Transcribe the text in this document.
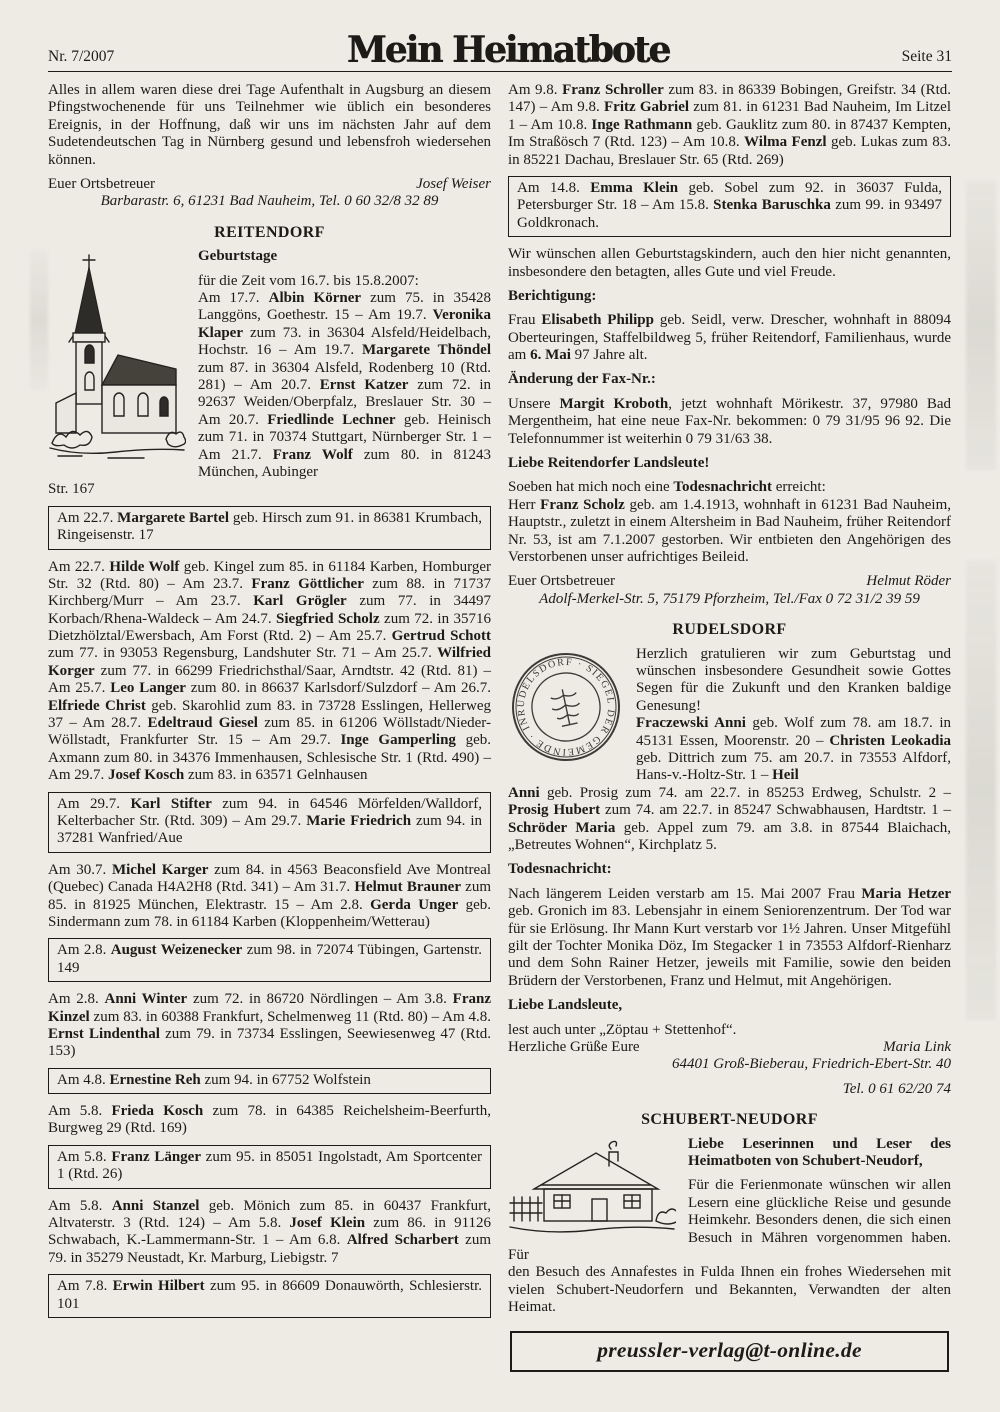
Nr. 7/2007	Mein Heimatbote	Seite 31

Alles in allem waren diese drei Tage Aufenthalt in Augsburg an diesem Pfingstwochenende für uns Teilnehmer wie üblich ein besonderes Ereignis, in der Hoffnung, daß wir uns im nächsten Jahr auf dem Sudetendeutschen Tag in Nürnberg gesund und lebensfroh wiedersehen können.

Euer Ortsbetreuer	Josef Weiser

Barbarastr. 6, 61231 Bad Nauheim, Tel. 0 60 32/8 32 89

REITENDORF

Geburtstage

für die Zeit vom 16.7. bis 15.8.2007:

Am 17.7. Albin Körner zum 75. in 35428 Langgöns, Goethestr. 15 – Am 19.7. Veronika Klaper zum 73. in 36304 Alsfeld/Heidelbach, Hochstr. 16 – Am 19.7. Margarete Thöndel zum 87. in 36304 Alsfeld, Rodenberg 10 (Rtd. 281) – Am 20.7. Ernst Katzer zum 72. in 92637 Weiden/Oberpfalz, Breslauer Str. 30 – Am 20.7. Friedlinde Lechner geb. Heinisch zum 71. in 70374 Stuttgart, Nürnberger Str. 1 – Am 21.7. Franz Wolf zum 80. in 81243 München, Aubinger

Str. 167

Am 22.7. Margarete Bartel geb. Hirsch zum 91. in 86381 Krumbach, Ringeisenstr. 17

Am 22.7. Hilde Wolf geb. Kingel zum 85. in 61184 Karben, Homburger Str. 32 (Rtd. 80) – Am 23.7. Franz Göttlicher zum 88. in 71737 Kirchberg/Murr – Am 23.7. Karl Grögler zum 77. in 34497 Korbach/Rhena-Waldeck – Am 24.7. Siegfried Scholz zum 72. in 35716 Dietzhölztal/Ewersbach, Am Forst (Rtd. 2) – Am 25.7. Gertrud Schott zum 77. in 93053 Regensburg, Landshuter Str. 71 – Am 25.7. Wilfried Korger zum 77. in 66299 Friedrichsthal/Saar, Arndtstr. 42 (Rtd. 81) – Am 25.7. Leo Langer zum 80. in 86637 Karlsdorf/Sulzdorf – Am 26.7. Elfriede Christ geb. Skarohlid zum 83. in 73728 Esslingen, Hellerweg 37 – Am 28.7. Edeltraud Giesel zum 85. in 61206 Wöllstadt/Nieder-Wöllstadt, Frankfurter Str. 15 – Am 29.7. Inge Gamperling geb. Axmann zum 80. in 34376 Immenhausen, Schlesische Str. 1 (Rtd. 490) – Am 29.7. Josef Kosch zum 83. in 63571 Gelnhausen

Am 29.7. Karl Stifter zum 94. in 64546 Mörfelden/Walldorf, Kelterbacher Str. (Rtd. 309) – Am 29.7. Marie Friedrich zum 94. in 37281 Wanfried/Aue

Am 30.7. Michel Karger zum 84. in 4563 Beaconsfield Ave Montreal (Quebec) Canada H4A2H8 (Rtd. 341) – Am 31.7. Helmut Brauner zum 85. in 81925 München, Elektrastr. 15 – Am 2.8. Gerda Unger geb. Sindermann zum 78. in 61184 Karben (Kloppenheim/Wetterau)

Am 2.8. August Weizenecker zum 98. in 72074 Tübingen, Gartenstr. 149

Am 2.8. Anni Winter zum 72. in 86720 Nördlingen – Am 3.8. Franz Kinzel zum 83. in 60388 Frankfurt, Schelmenweg 11 (Rtd. 80) – Am 4.8. Ernst Lindenthal zum 79. in 73734 Esslingen, Seewiesenweg 47 (Rtd. 153)

Am 4.8. Ernestine Reh zum 94. in 67752 Wolfstein

Am 5.8. Frieda Kosch zum 78. in 64385 Reichelsheim-Beerfurth, Burgweg 29 (Rtd. 169)

Am 5.8. Franz Länger zum 95. in 85051 Ingolstadt, Am Sportcenter 1 (Rtd. 26)

Am 5.8. Anni Stanzel geb. Mönich zum 85. in 60437 Frankfurt, Altvaterstr. 3 (Rtd. 124) – Am 5.8. Josef Klein zum 86. in 91126 Schwabach, K.-Lammermann-Str. 1 – Am 6.8. Alfred Scharbert zum 79. in 35279 Neustadt, Kr. Marburg, Liebigstr. 7

Am 7.8. Erwin Hilbert zum 95. in 86609 Donauwörth, Schlesierstr. 101

Am 9.8. Franz Schroller zum 83. in 86339 Bobingen, Greifstr. 34 (Rtd. 147) – Am 9.8. Fritz Gabriel zum 81. in 61231 Bad Nauheim, Im Litzel 1 – Am 10.8. Inge Rathmann geb. Gauklitz zum 80. in 87437 Kempten, Im Straßösch 7 (Rtd. 123) – Am 10.8. Wilma Fenzl geb. Lukas zum 83. in 85221 Dachau, Breslauer Str. 65 (Rtd. 269)

Am 14.8. Emma Klein geb. Sobel zum 92. in 36037 Fulda, Petersburger Str. 18 – Am 15.8. Stenka Baruschka zum 99. in 93497 Goldkronach.

Wir wünschen allen Geburtstagskindern, auch den hier nicht genannten, insbesondere den betagten, alles Gute und viel Freude.

Berichtigung:

Frau Elisabeth Philipp geb. Seidl, verw. Drescher, wohnhaft in 88094 Oberteuringen, Staffelbildweg 5, früher Reitendorf, Familienhaus, wurde am 6. Mai 97 Jahre alt.

Änderung der Fax-Nr.:

Unsere Margit Kroboth, jetzt wohnhaft Mörikestr. 37, 97980 Bad Mergentheim, hat eine neue Fax-Nr. bekommen: 0 79 31/95 96 92. Die Telefonnummer ist weiterhin 0 79 31/63 38.

Liebe Reitendorfer Landsleute!

Soeben hat mich noch eine Todesnachricht erreicht:

Herr Franz Scholz geb. am 1.4.1913, wohnhaft in 61231 Bad Nauheim, Hauptstr., zuletzt in einem Altersheim in Bad Nauheim, früher Reitendorf Nr. 53, ist am 7.1.2007 gestorben. Wir entbieten den Angehörigen des Verstorbenen unser aufrichtiges Beileid.

Euer Ortsbetreuer	Helmut Röder

Adolf-Merkel-Str. 5, 75179 Pforzheim, Tel./Fax 0 72 31/2 39 59

RUDELSDORF
RUDELSDORF · SIEGEL DER GEMEINDE · IN

Herzlich gratulieren wir zum Geburtstag und wünschen insbesondere Gesundheit sowie Gottes Segen für die Zukunft und den Kranken baldige Genesung!

Fraczewski Anni geb. Wolf zum 78. am 18.7. in 45131 Essen, Moorenstr. 20 – Christen Leokadia geb. Dittrich zum 75. am 20.7. in 73553 Alfdorf, Hans-v.-Holtz-Str. 1 – Heil

Anni geb. Prosig zum 74. am 22.7. in 85253 Erdweg, Schulstr. 2 – Prosig Hubert zum 74. am 22.7. in 85247 Schwabhausen, Hardtstr. 1 – Schröder Maria geb. Appel zum 79. am 3.8. in 87544 Blaichach, „Betreutes Wohnen“, Kirchplatz 5.

Todesnachricht:

Nach längerem Leiden verstarb am 15. Mai 2007 Frau Maria Hetzer geb. Gronich im 83. Lebensjahr in einem Seniorenzentrum. Der Tod war für sie Erlösung. Ihr Mann Kurt verstarb vor 1½ Jahren. Unser Mitgefühl gilt der Tochter Monika Döz, Im Stegacker 1 in 73553 Alfdorf-Rienharz und dem Sohn Rainer Hetzer, jeweils mit Familie, sowie den beiden Brüdern der Verstorbenen, Franz und Helmut, mit Angehörigen.

Liebe Landsleute,

lest auch unter „Zöptau + Stettenhof“.

Herzliche Grüße Eure	Maria Link

64401 Groß-Bieberau, Friedrich-Ebert-Str. 40

Tel. 0 61 62/20 74

SCHUBERT-NEUDORF

Liebe Leserinnen und Leser des Heimatboten von Schubert-Neudorf,

Für die Ferienmonate wünschen wir allen Lesern eine glückliche Reise und gesunde Heimkehr. Besonders denen, die sich einen Besuch in Mähren vorgenommen haben. Für

den Besuch des Annafestes in Fulda Ihnen ein frohes Wiedersehen mit vielen Schubert-Neudorfern und Bekannten, Verwandten der alten Heimat.

preussler-verlag@t-online.de
